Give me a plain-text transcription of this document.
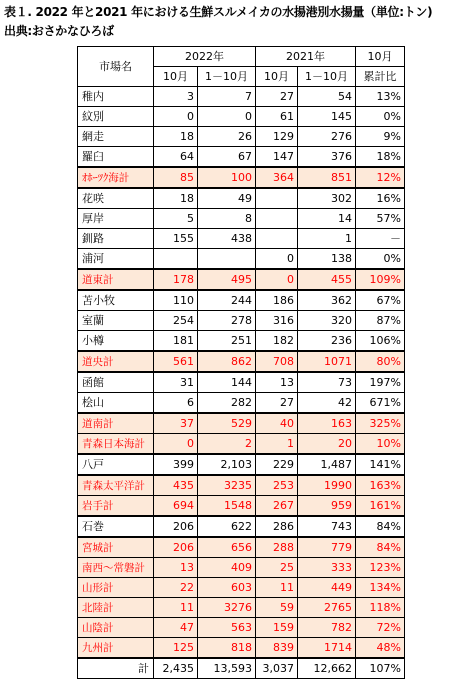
表１. 2022 年と2021 年における生鮮スルメイカの水揚港別水揚量（単位:トン)
出典:おさかなひろば
市場名	2022年		2021年		10月
	10月	1－10月	10月	1－10月	累計比
稚内	3	7	27	54	13%
紋別	0	0	61	145	0%
網走	18	26	129	276	9%
羅臼	64	67	147	376	18%
ｵﾎｰﾂｸ海計	85	100	364	851	12%
花咲	18	49		302	16%
厚岸	5	8		14	57%
釧路	155	438		1	－
浦河			0	138	0%
道東計	178	495	0	455	109%
苫小牧	110	244	186	362	67%
室蘭	254	278	316	320	87%
小樽	181	251	182	236	106%
道央計	561	862	708	1071	80%
函館	31	144	13	73	197%
桧山	6	282	27	42	671%
道南計	37	529	40	163	325%
青森日本海計	0	2	1	20	10%
八戸	399	2,103	229	1,487	141%
青森太平洋計	435	3235	253	1990	163%
岩手計	694	1548	267	959	161%
石巻	206	622	286	743	84%
宮城計	206	656	288	779	84%
南西～常磐計	13	409	25	333	123%
山形計	22	603	11	449	134%
北陸計	11	3276	59	2765	118%
山陰計	47	563	159	782	72%
九州計	125	818	839	1714	48%
計	2,435	13,593	3,037	12,662	107%
